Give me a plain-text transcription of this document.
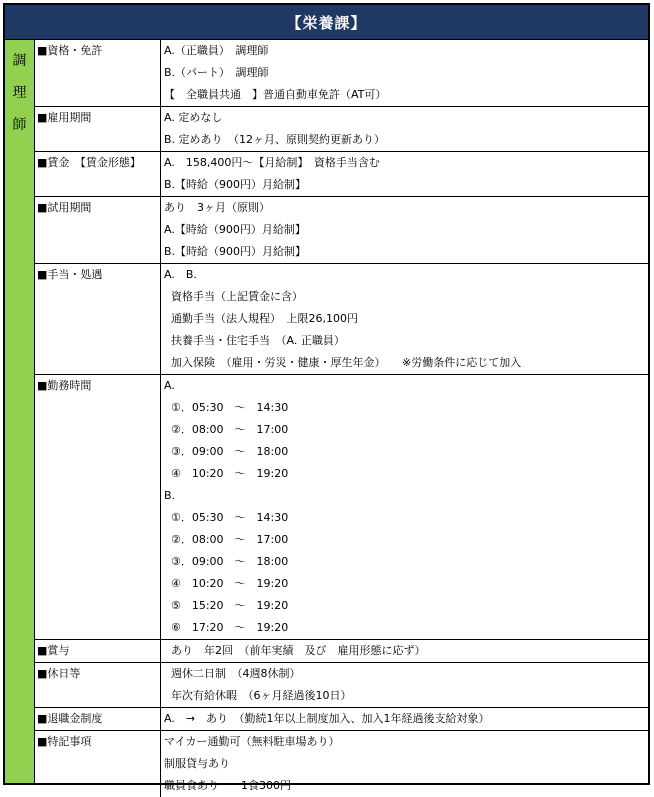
【栄養課】
調
理
師
■資格・免許	A.（正職員）　調理師
B.（パート）　調理師
【　全職員共通　】普通自動車免許（AT可）
■雇用期間	A. 定めなし
B. 定めあり　（12ヶ月、原則契約更新あり）
■賃金　【賃金形態】	A.　158,400円～【月給制】　資格手当含む
B.【時給（900円）月給制】
■試用期間	あり　3ヶ月（原則）
A.【時給（900円）月給制】
B.【時給（900円）月給制】
■手当・処遇	A.　B.
資格手当（上記賃金に含）
通勤手当（法人規程）　上限26,100円
扶養手当・住宅手当　（A. 正職員）
加入保険　（雇用・労災・健康・厚生年金）　　※労働条件に応じて加入
■勤務時間	A.
①．05:30　～　14:30
②．08:00　～　17:00
③．09:00　～　18:00
④　10:20　～　19:20
B.
①．05:30　～　14:30
②．08:00　～　17:00
③．09:00　～　18:00
④　10:20　～　19:20
⑤　15:20　～　19:20
⑥　17:20　～　19:20
■賞与	あり　年2回　（前年実績　及び　雇用形態に応ず）
■休日等	週休二日制　（4週8休制）
年次有給休暇　（6ヶ月経過後10日）
■退職金制度	A.　→　あり　（勤続1年以上制度加入、加入1年経過後支給対象）
■特記事項	マイカー通勤可（無料駐車場あり）
制服貸与あり
職員食あり　　1食300円
